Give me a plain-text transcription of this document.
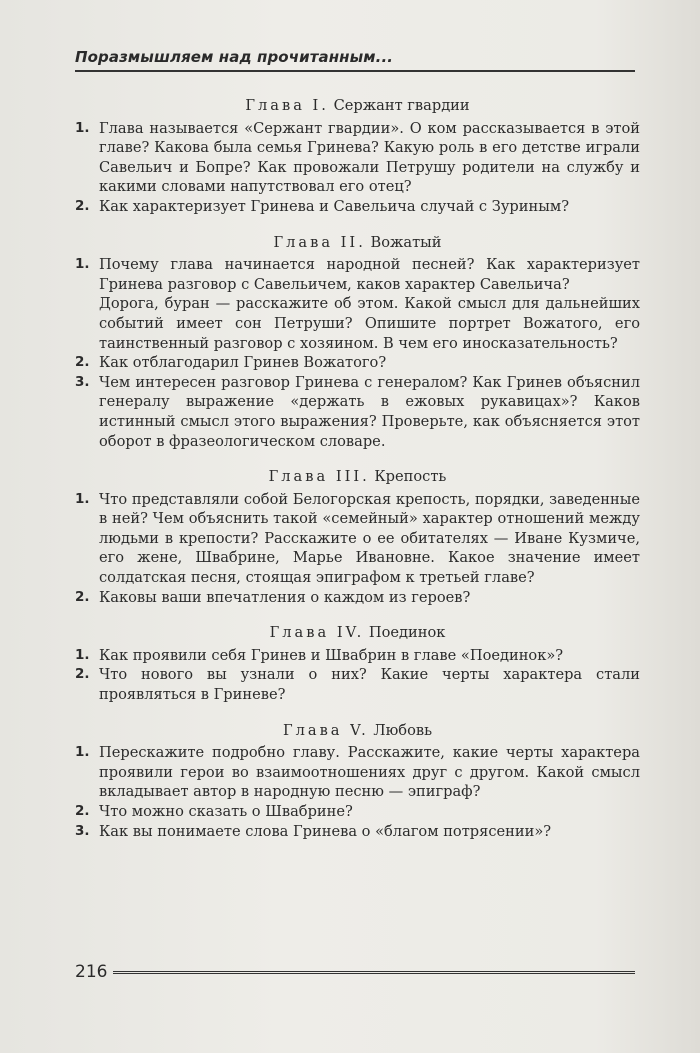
Поразмышляем над прочитанным...
Глава I. Сержант гвардии
1. Глава называется «Сержант гвардии». О ком рассказывается в этой главе? Какова была семья Гринева? Какую роль в его детстве играли Савельич и Бопре? Как провожали Петрушу родители на службу и какими словами напутствовал его отец?

2. Как характеризует Гринева и Савельича случай с Зуриным?

Глава II. Вожатый
1. Почему глава начинается народной песней? Как характеризует Гринева разговор с Савельичем, каков характер Савельича?

Дорога, буран — расскажите об этом. Какой смысл для дальнейших событий имеет сон Петруши? Опишите портрет Вожатого, его таинственный разговор с хозяином. В чем его иносказательность?

2. Как отблагодарил Гринев Вожатого?

3. Чем интересен разговор Гринева с генералом? Как Гринев объяснил генералу выражение «держать в ежовых рукавицах»? Каков истинный смысл этого выражения? Проверьте, как объясняется этот оборот в фразеологическом словаре.

Глава III. Крепость
1. Что представляли собой Белогорская крепость, порядки, заведенные в ней? Чем объяснить такой «семейный» характер отношений между людьми в крепости? Расскажите о ее обитателях — Иване Кузмиче, его жене, Швабрине, Марье Ивановне. Какое значение имеет солдатская песня, стоящая эпиграфом к третьей главе?

2. Каковы ваши впечатления о каждом из героев?

Глава IV. Поединок
1. Как проявили себя Гринев и Швабрин в главе «Поединок»?

2. Что нового вы узнали о них? Какие черты характера стали проявляться в Гриневе?

Глава V. Любовь
1. Перескажите подробно главу. Расскажите, какие черты характера проявили герои во взаимоотношениях друг с другом. Какой смысл вкладывает автор в народную песню — эпиграф?

2. Что можно сказать о Швабрине?

3. Как вы понимаете слова Гринева о «благом потрясении»?

216
